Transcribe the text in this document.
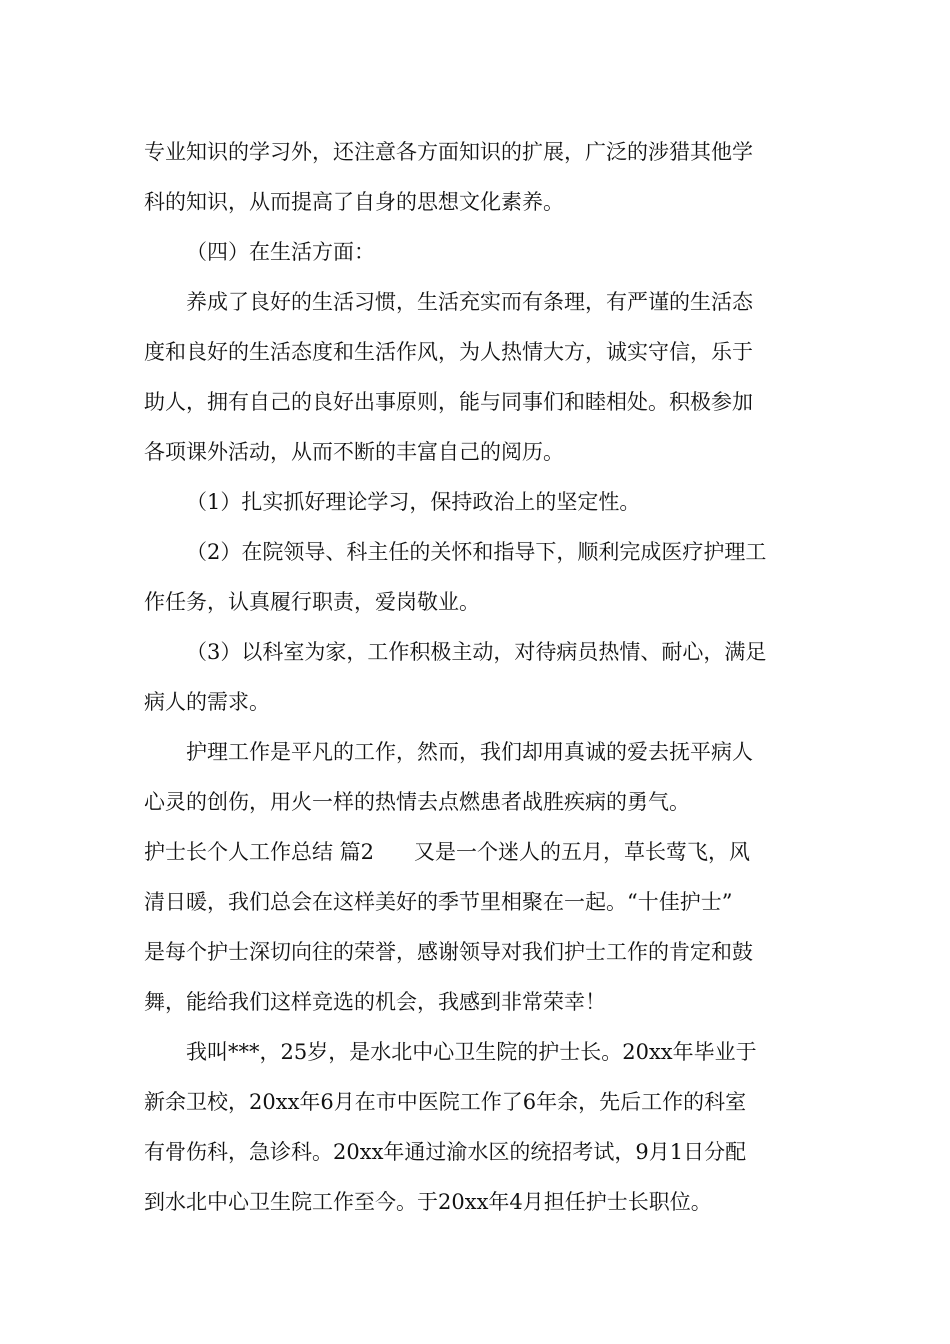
专业知识的学习外，还注意各方面知识的扩展，广泛的涉猎其他学

科的知识，从而提高了自身的思想文化素养。

（四）在生活方面：

养成了良好的生活习惯，生活充实而有条理，有严谨的生活态

度和良好的生活态度和生活作风，为人热情大方，诚实守信，乐于

助人，拥有自己的良好出事原则，能与同事们和睦相处。积极参加

各项课外活动，从而不断的丰富自己的阅历。

（1）扎实抓好理论学习，保持政治上的坚定性。

（2）在院领导、科主任的关怀和指导下，顺利完成医疗护理工

作任务，认真履行职责，爱岗敬业。

（3）以科室为家，工作积极主动，对待病员热情、耐心，满足

病人的需求。

护理工作是平凡的工作，然而，我们却用真诚的爱去抚平病人

心灵的创伤，用火一样的热情去点燃患者战胜疾病的勇气。

护士长个人工作总结 篇2 又是一个迷人的五月，草长莺飞，风

清日暖，我们总会在这样美好的季节里相聚在一起。“十佳护士”

是每个护士深切向往的荣誉，感谢领导对我们护士工作的肯定和鼓

舞，能给我们这样竞选的机会，我感到非常荣幸！

我叫***，25岁，是水北中心卫生院的护士长。20xx年毕业于

新余卫校，20xx年6月在市中医院工作了6年余，先后工作的科室

有骨伤科，急诊科。20xx年通过渝水区的统招考试，9月1日分配

到水北中心卫生院工作至今。于20xx年4月担任护士长职位。
